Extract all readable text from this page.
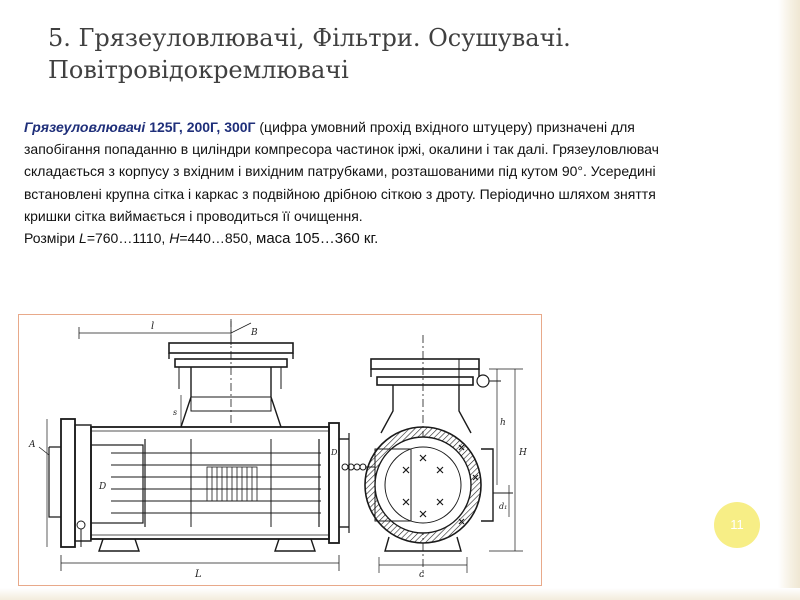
5. Грязеуловлювачі, Фільтри. Осушувачі. Повітровідокремлювачі

Грязеуловлювачі 125Г, 200Г, 300Г (цифра умовний прохід вхідного штуцеру) призначені для запобігання попаданню в циліндри компресора частинок іржі, окалини і так далі. Грязеуловлювач складається з корпусу з вхідним і вихідним патрубками, розташованими під кутом 90°. Усередині встановлені крупна сітка і каркас з подвійною дрібною сіткою з дроту. Періодично шляхом зняття кришки сітка виймається і проводиться її очищення.

Розміри L=760…1110, H=440…850, маса 105…360 кг.

l
B
A
s
D
L
h
H
d₁
D₁
c
11
